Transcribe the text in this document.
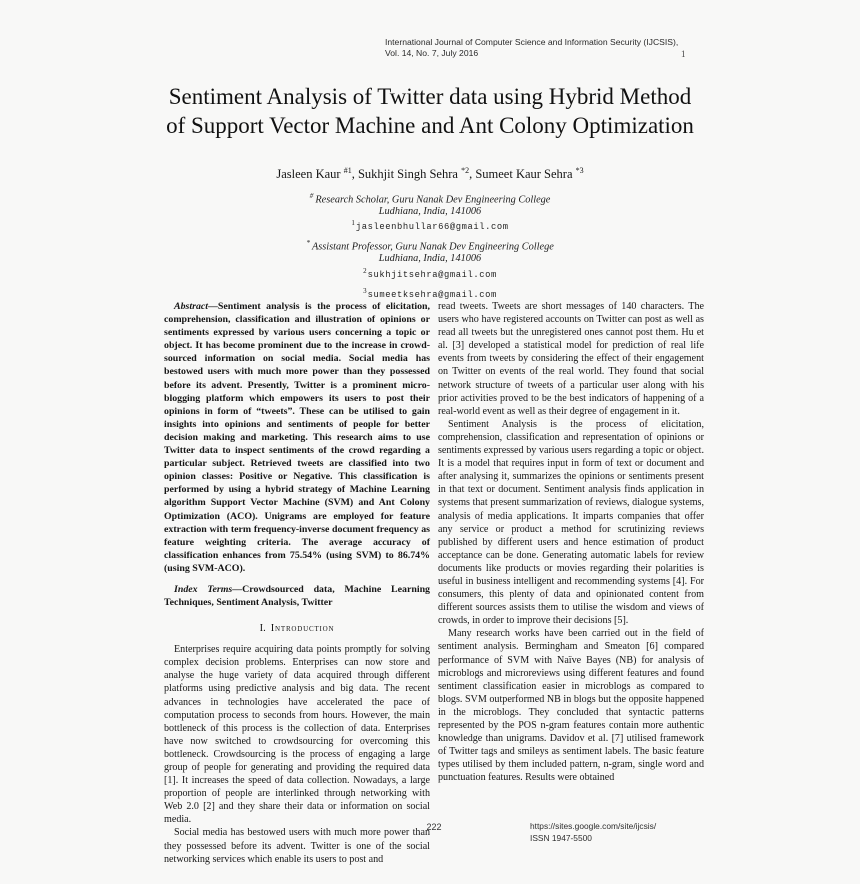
International Journal of Computer Science and Information Security (IJCSIS),
Vol. 14, No. 7, July 2016	1
Sentiment Analysis of Twitter data using Hybrid Method of Support Vector Machine and Ant Colony Optimization
Jasleen Kaur $^{\#1}$, Sukhjit Singh Sehra $^{*2}$, Sumeet Kaur Sehra $^{*3}$
# Research Scholar, Guru Nanak Dev Engineering College
Ludhiana, India, 141006
$^1$jasleenbhullar66@gmail.com
* Assistant Professor, Guru Nanak Dev Engineering College
Ludhiana, India, 141006
$^2$sukhjitsehra@gmail.com
$^3$sumeetksehra@gmail.com

Abstract—Sentiment analysis is the process of elicitation, comprehension, classification and illustration of opinions or sentiments expressed by various users concerning a topic or object. It has become prominent due to the increase in crowd-sourced information on social media. Social media has bestowed users with much more power than they possessed before its advent. Presently, Twitter is a prominent micro-blogging platform which empowers its users to post their opinions in form of “tweets”. These can be utilised to gain insights into opinions and sentiments of people for better decision making and marketing. This research aims to use Twitter data to inspect sentiments of the crowd regarding a particular subject. Retrieved tweets are classified into two opinion classes: Positive or Negative. This classification is performed by using a hybrid strategy of Machine Learning algorithm Support Vector Machine (SVM) and Ant Colony Optimization (ACO). Unigrams are employed for feature extraction with term frequency-inverse document frequency as feature weighting criteria. The average accuracy of classification enhances from 75.54% (using SVM) to 86.74% (using SVM-ACO).

Index Terms—Crowdsourced data, Machine Learning Techniques, Sentiment Analysis, Twitter

I. Introduction

Enterprises require acquiring data points promptly for solving complex decision problems. Enterprises can now store and analyse the huge variety of data acquired through different platforms using predictive analysis and big data. The recent advances in technologies have accelerated the pace of computation process to seconds from hours. However, the main bottleneck of this process is the collection of data. Enterprises have now switched to crowdsourcing for overcoming this bottleneck. Crowdsourcing is the process of engaging a large group of people for generating and providing the required data [1]. It increases the speed of data collection. Nowadays, a large proportion of people are interlinked through networking with Web 2.0 [2] and they share their data or information on social media.

Social media has bestowed users with much more power than they possessed before its advent. Twitter is one of the social networking services which enable its users to post and

read tweets. Tweets are short messages of 140 characters. The users who have registered accounts on Twitter can post as well as read all tweets but the unregistered ones cannot post them. Hu et al. [3] developed a statistical model for prediction of real life events from tweets by considering the effect of their engagement on Twitter on events of the real world. They found that social network structure of tweets of a particular user along with his prior activities proved to be the best indicators of happening of a real-world event as well as their degree of engagement in it.

Sentiment Analysis is the process of elicitation, comprehension, classification and representation of opinions or sentiments expressed by various users regarding a topic or object. It is a model that requires input in form of text or document and after analysing it, summarizes the opinions or sentiments present in that text or document. Sentiment analysis finds application in systems that present summarization of reviews, dialogue systems, analysis of media applications. It imparts companies that offer any service or product a method for scrutinizing reviews published by different users and hence estimation of product acceptance can be done. Generating automatic labels for review documents like products or movies regarding their polarities is useful in business intelligent and recommending systems [4]. For consumers, this plenty of data and opinionated content from different sources assists them to utilise the wisdom and views of crowds, in order to improve their decisions [5].

Many research works have been carried out in the field of sentiment analysis. Bermingham and Smeaton [6] compared performance of SVM with Naïve Bayes (NB) for analysis of microblogs and microreviews using different features and found sentiment classification easier in microblogs as compared to blogs. SVM outperformed NB in blogs but the opposite happened in the microblogs. They concluded that syntactic patterns represented by the POS n-gram features contain more authentic knowledge than unigrams. Davidov et al. [7] utilised framework of Twitter tags and smileys as sentiment labels. The basic feature types utilised by them included pattern, n-gram, single word and punctuation features. Results were obtained

222	https://sites.google.com/site/ijcsis/
ISSN 1947-5500
